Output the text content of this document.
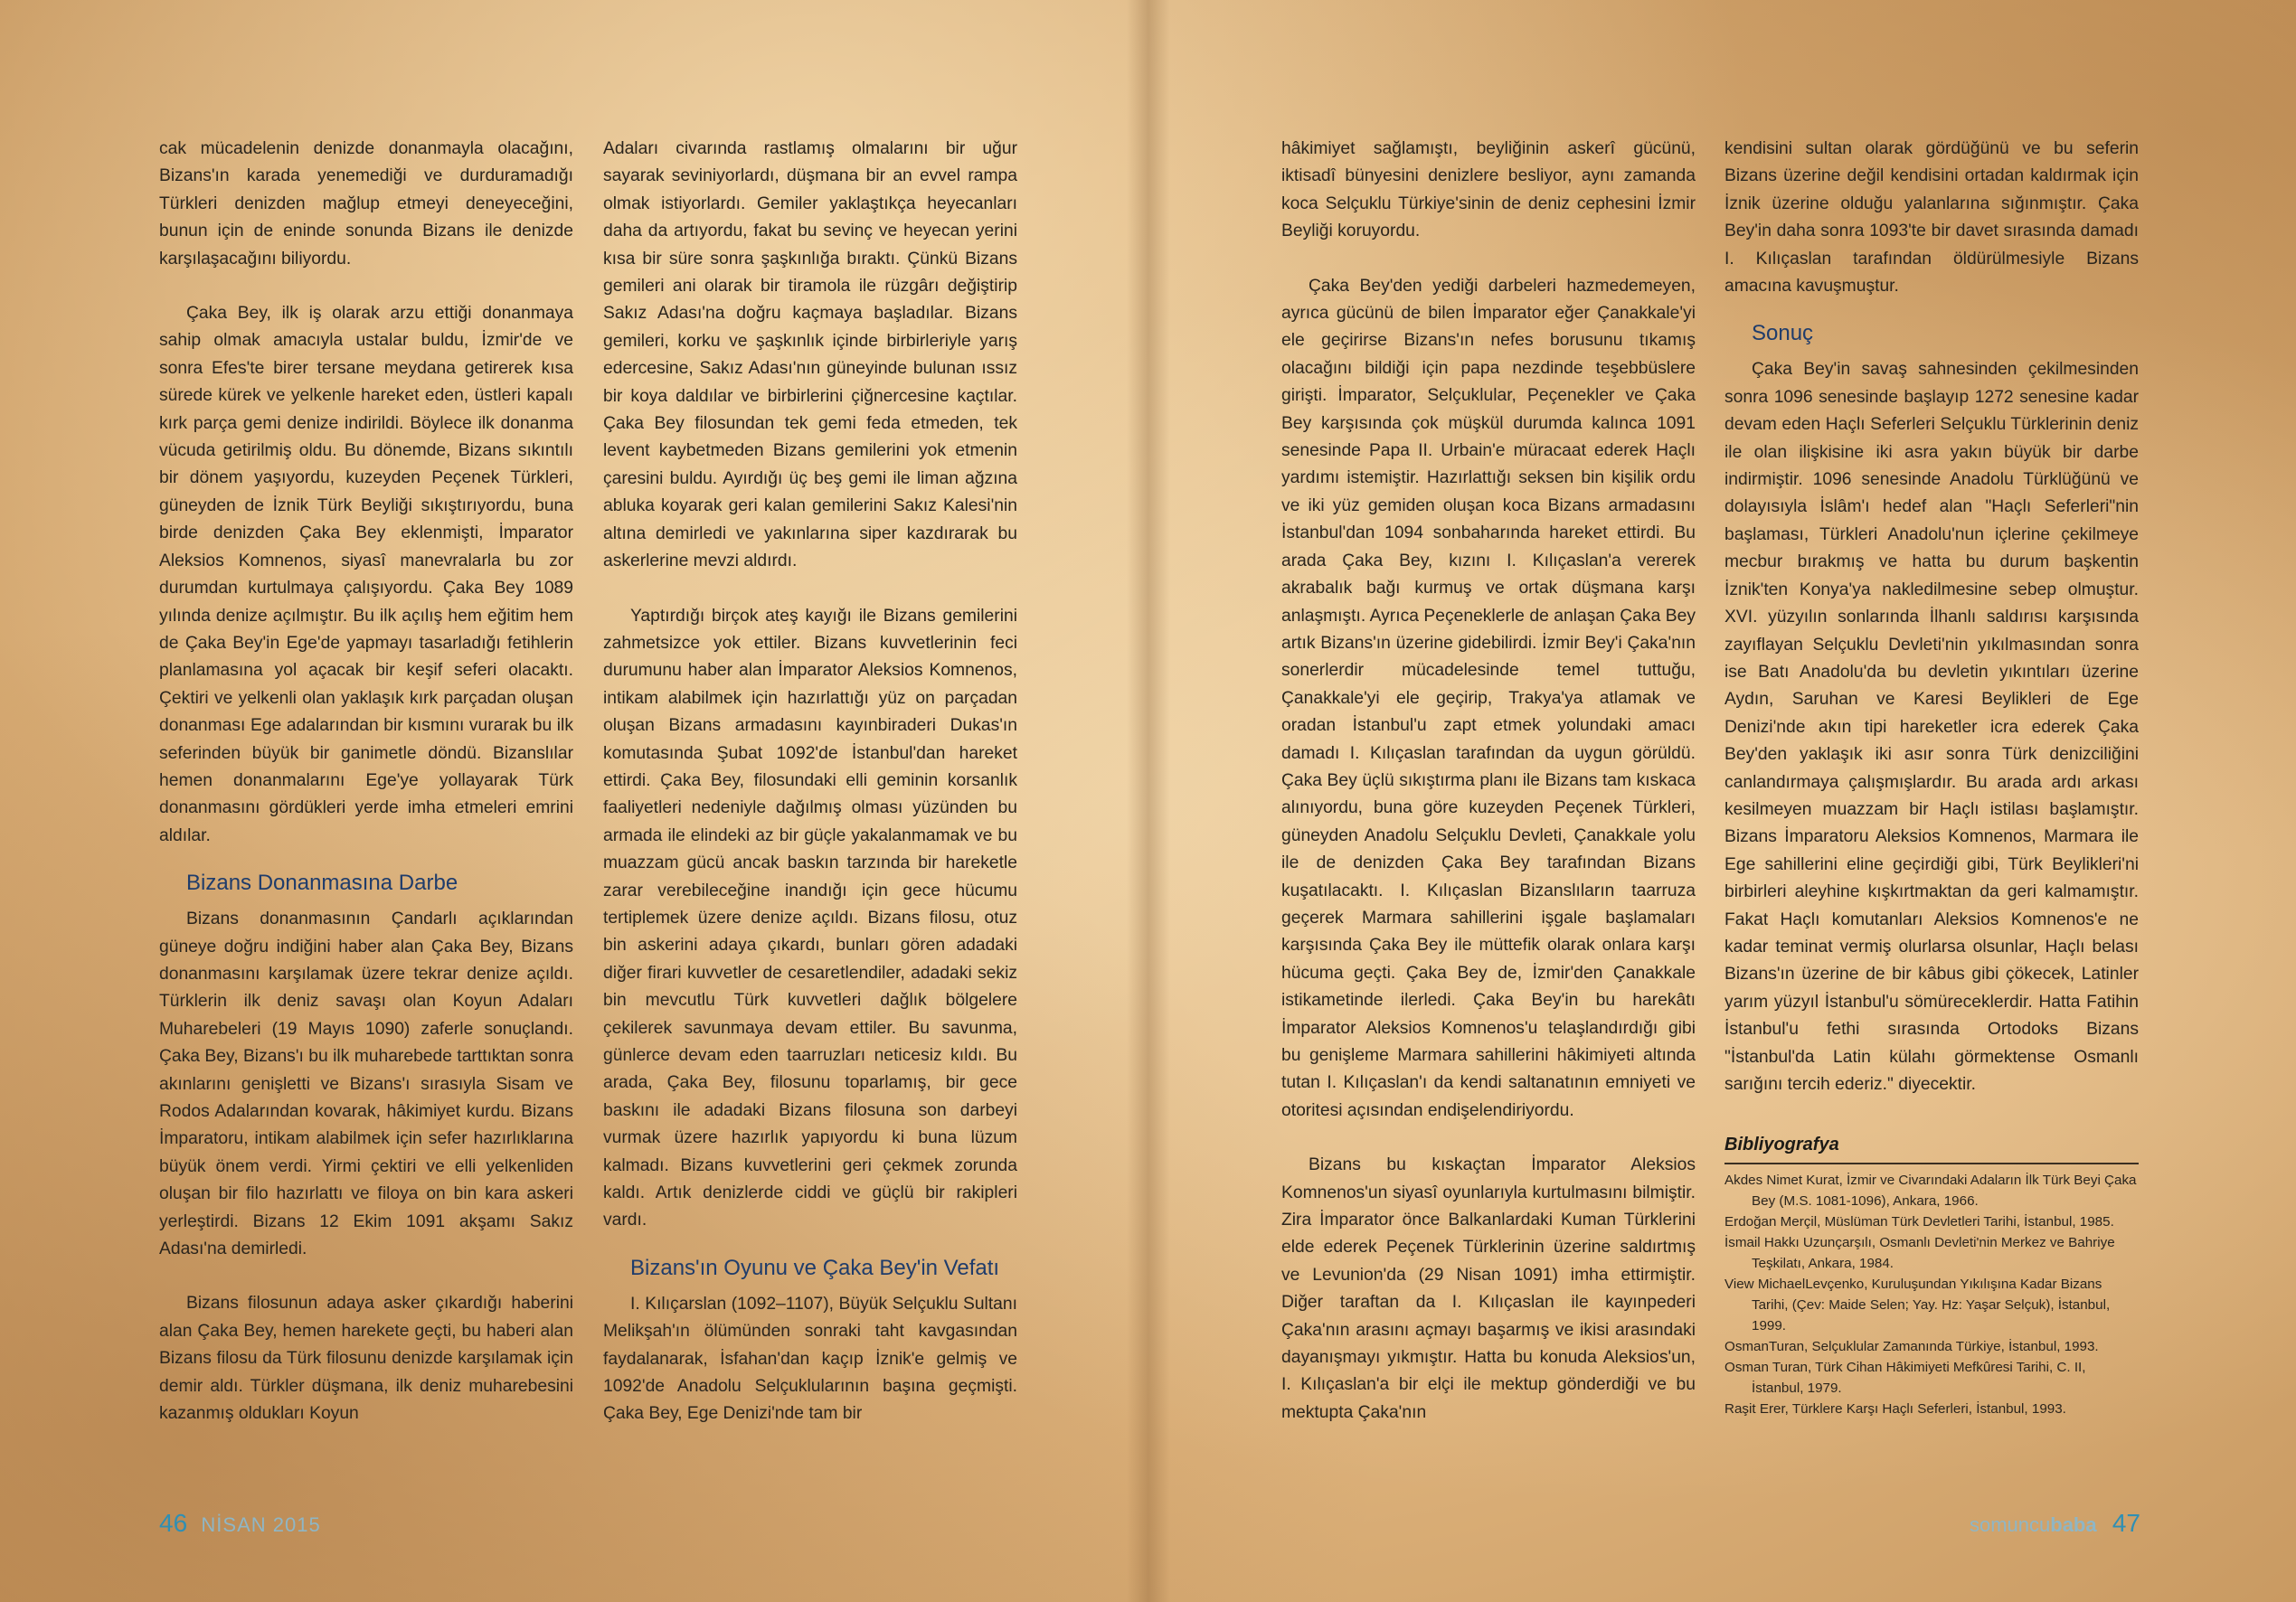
cak mücadelenin denizde donanmayla olacağını, Bizans'ın karada yenemediği ve durduramadığı Türkleri denizden mağlup etmeyi deneyeceğini, bunun için de eninde sonunda Bizans ile denizde karşılaşacağını biliyordu.

Çaka Bey, ilk iş olarak arzu ettiği donanmaya sahip olmak amacıyla ustalar buldu, İzmir'de ve sonra Efes'te birer tersane meydana getirerek kısa sürede kürek ve yelkenle hareket eden, üstleri kapalı kırk parça gemi denize indirildi. Böylece ilk donanma vücuda getirilmiş oldu. Bu dönemde, Bizans sıkıntılı bir dönem yaşıyordu, kuzeyden Peçenek Türkleri, güneyden de İznik Türk Beyliği sıkıştırıyordu, buna birde denizden Çaka Bey eklenmişti, İmparator Aleksios Komnenos, siyasî manevralarla bu zor durumdan kurtulmaya çalışıyordu. Çaka Bey 1089 yılında denize açılmıştır. Bu ilk açılış hem eğitim hem de Çaka Bey'in Ege'de yapmayı tasarladığı fetihlerin planlamasına yol açacak bir keşif seferi olacaktı. Çektiri ve yelkenli olan yaklaşık kırk parçadan oluşan donanması Ege adalarından bir kısmını vurarak bu ilk seferinden büyük bir ganimetle döndü. Bizanslılar hemen donanmalarını Ege'ye yollayarak Türk donanmasını gördükleri yerde imha etmeleri emrini aldılar.

Bizans Donanmasına Darbe

Bizans donanmasının Çandarlı açıklarından güneye doğru indiğini haber alan Çaka Bey, Bizans donanmasını karşılamak üzere tekrar denize açıldı. Türklerin ilk deniz savaşı olan Koyun Adaları Muharebeleri (19 Mayıs 1090) zaferle sonuçlandı. Çaka Bey, Bizans'ı bu ilk muharebede tarttıktan sonra akınlarını genişletti ve Bizans'ı sırasıyla Sisam ve Rodos Adalarından kovarak, hâkimiyet kurdu. Bizans İmparatoru, intikam alabilmek için sefer hazırlıklarına büyük önem verdi. Yirmi çektiri ve elli yelkenliden oluşan bir filo hazırlattı ve filoya on bin kara askeri yerleştirdi. Bizans 12 Ekim 1091 akşamı Sakız Adası'na demirledi.

Bizans filosunun adaya asker çıkardığı haberini alan Çaka Bey, hemen harekete geçti, bu haberi alan Bizans filosu da Türk filosunu denizde karşılamak için demir aldı. Türkler düşmana, ilk deniz muharebesini kazanmış oldukları Koyun

Adaları civarında rastlamış olmalarını bir uğur sayarak seviniyorlardı, düşmana bir an evvel rampa olmak istiyorlardı. Gemiler yaklaştıkça heyecanları daha da artıyordu, fakat bu sevinç ve heyecan yerini kısa bir süre sonra şaşkınlığa bıraktı. Çünkü Bizans gemileri ani olarak bir tiramola ile rüzgârı değiştirip Sakız Adası'na doğru kaçmaya başladılar. Bizans gemileri, korku ve şaşkınlık içinde birbirleriyle yarış edercesine, Sakız Adası'nın güneyinde bulunan ıssız bir koya daldılar ve birbirlerini çiğnercesine kaçtılar. Çaka Bey filosundan tek gemi feda etmeden, tek levent kaybetmeden Bizans gemilerini yok etmenin çaresini buldu. Ayırdığı üç beş gemi ile liman ağzına abluka koyarak geri kalan gemilerini Sakız Kalesi'nin altına demirledi ve yakınlarına siper kazdırarak bu askerlerine mevzi aldırdı.

Yaptırdığı birçok ateş kayığı ile Bizans gemilerini zahmetsizce yok ettiler. Bizans kuvvetlerinin feci durumunu haber alan İmparator Aleksios Komnenos, intikam alabilmek için hazırlattığı yüz on parçadan oluşan Bizans armadasını kayınbiraderi Dukas'ın komutasında Şubat 1092'de İstanbul'dan hareket ettirdi. Çaka Bey, filosundaki elli geminin korsanlık faaliyetleri nedeniyle dağılmış olması yüzünden bu armada ile elindeki az bir güçle yakalanmamak ve bu muazzam gücü ancak baskın tarzında bir hareketle zarar verebileceğine inandığı için gece hücumu tertiplemek üzere denize açıldı. Bizans filosu, otuz bin askerini adaya çıkardı, bunları gören adadaki diğer firari kuvvetler de cesaretlendiler, adadaki sekiz bin mevcutlu Türk kuvvetleri dağlık bölgelere çekilerek savunmaya devam ettiler. Bu savunma, günlerce devam eden taarruzları neticesiz kıldı. Bu arada, Çaka Bey, filosunu toparlamış, bir gece baskını ile adadaki Bizans filosuna son darbeyi vurmak üzere hazırlık yapıyordu ki buna lüzum kalmadı. Bizans kuvvetlerini geri çekmek zorunda kaldı. Artık denizlerde ciddi ve güçlü bir rakipleri vardı.

Bizans'ın Oyunu ve Çaka Bey'in Vefatı

I. Kılıçarslan (1092–1107), Büyük Selçuklu Sultanı Melikşah'ın ölümünden sonraki taht kavgasından faydalanarak, İsfahan'dan kaçıp İznik'e gelmiş ve 1092'de Anadolu Selçuklularının başına geçmişti. Çaka Bey, Ege Denizi'nde tam bir

hâkimiyet sağlamıştı, beyliğinin askerî gücünü, iktisadî bünyesini denizlere besliyor, aynı zamanda koca Selçuklu Türkiye'sinin de deniz cephesini İzmir Beyliği koruyordu.

Çaka Bey'den yediği darbeleri hazmedemeyen, ayrıca gücünü de bilen İmparator eğer Çanakkale'yi ele geçirirse Bizans'ın nefes borusunu tıkamış olacağını bildiği için papa nezdinde teşebbüslere girişti. İmparator, Selçuklular, Peçenekler ve Çaka Bey karşısında çok müşkül durumda kalınca 1091 senesinde Papa II. Urbain'e müracaat ederek Haçlı yardımı istemiştir. Hazırlattığı seksen bin kişilik ordu ve iki yüz gemiden oluşan koca Bizans armadasını İstanbul'dan 1094 sonbaharında hareket ettirdi. Bu arada Çaka Bey, kızını I. Kılıçaslan'a vererek akrabalık bağı kurmuş ve ortak düşmana karşı anlaşmıştı. Ayrıca Peçeneklerle de anlaşan Çaka Bey artık Bizans'ın üzerine gidebilirdi. İzmir Bey'i Çaka'nın sonerlerdir mücadelesinde temel tuttuğu, Çanakkale'yi ele geçirip, Trakya'ya atlamak ve oradan İstanbul'u zapt etmek yolundaki amacı damadı I. Kılıçaslan tarafından da uygun görüldü. Çaka Bey üçlü sıkıştırma planı ile Bizans tam kıskaca alınıyordu, buna göre kuzeyden Peçenek Türkleri, güneyden Anadolu Selçuklu Devleti, Çanakkale yolu ile de denizden Çaka Bey tarafından Bizans kuşatılacaktı. I. Kılıçaslan Bizanslıların taarruza geçerek Marmara sahillerini işgale başlamaları karşısında Çaka Bey ile müttefik olarak onlara karşı hücuma geçti. Çaka Bey de, İzmir'den Çanakkale istikametinde ilerledi. Çaka Bey'in bu harekâtı İmparator Aleksios Komnenos'u telaşlandırdığı gibi bu genişleme Marmara sahillerini hâkimiyeti altında tutan I. Kılıçaslan'ı da kendi saltanatının emniyeti ve otoritesi açısından endişelendiriyordu.

Bizans bu kıskaçtan İmparator Aleksios Komnenos'un siyasî oyunlarıyla kurtulmasını bilmiştir. Zira İmparator önce Balkanlardaki Kuman Türklerini elde ederek Peçenek Türklerinin üzerine saldırtmış ve Levunion'da (29 Nisan 1091) imha ettirmiştir. Diğer taraftan da I. Kılıçaslan ile kayınpederi Çaka'nın arasını açmayı başarmış ve ikisi arasındaki dayanışmayı yıkmıştır. Hatta bu konuda Aleksios'un, I. Kılıçaslan'a bir elçi ile mektup gönderdiği ve bu mektupta Çaka'nın

kendisini sultan olarak gördüğünü ve bu seferin Bizans üzerine değil kendisini ortadan kaldırmak için İznik üzerine olduğu yalanlarına sığınmıştır. Çaka Bey'in daha sonra 1093'te bir davet sırasında damadı I. Kılıçaslan tarafından öldürülmesiyle Bizans amacına kavuşmuştur.

Sonuç

Çaka Bey'in savaş sahnesinden çekilmesinden sonra 1096 senesinde başlayıp 1272 senesine kadar devam eden Haçlı Seferleri Selçuklu Türklerinin deniz ile olan ilişkisine iki asra yakın büyük bir darbe indirmiştir. 1096 senesinde Anadolu Türklüğünü ve dolayısıyla İslâm'ı hedef alan "Haçlı Seferleri"nin başlaması, Türkleri Anadolu'nun içlerine çekilmeye mecbur bırakmış ve hatta bu durum başkentin İznik'ten Konya'ya nakledilmesine sebep olmuştur. XVI. yüzyılın sonlarında İlhanlı saldırısı karşısında zayıflayan Selçuklu Devleti'nin yıkılmasından sonra ise Batı Anadolu'da bu devletin yıkıntıları üzerine Aydın, Saruhan ve Karesi Beylikleri de Ege Denizi'nde akın tipi hareketler icra ederek Çaka Bey'den yaklaşık iki asır sonra Türk denizciliğini canlandırmaya çalışmışlardır. Bu arada ardı arkası kesilmeyen muazzam bir Haçlı istilası başlamıştır. Bizans İmparatoru Aleksios Komnenos, Marmara ile Ege sahillerini eline geçirdiği gibi, Türk Beylikleri'ni birbirleri aleyhine kışkırtmaktan da geri kalmamıştır. Fakat Haçlı komutanları Aleksios Komnenos'e ne kadar teminat vermiş olurlarsa olsunlar, Haçlı belası Bizans'ın üzerine de bir kâbus gibi çökecek, Latinler yarım yüzyıl İstanbul'u sömüreceklerdir. Hatta Fatihin İstanbul'u fethi sırasında Ortodoks Bizans "İstanbul'da Latin külahı görmektense Osmanlı sarığını tercih ederiz." diyecektir.

Bibliyografya
Akdes Nimet Kurat, İzmir ve Civarındaki Adaların İlk Türk Beyi Çaka Bey (M.S. 1081-1096), Ankara, 1966.
Erdoğan Merçil, Müslüman Türk Devletleri Tarihi, İstanbul, 1985.
İsmail Hakkı Uzunçarşılı, Osmanlı Devleti'nin Merkez ve Bahriye Teşkilatı, Ankara, 1984.
View MichaelLevçenko, Kuruluşundan Yıkılışına Kadar Bizans Tarihi, (Çev: Maide Selen; Yay. Hz: Yaşar Selçuk), İstanbul, 1999.
OsmanTuran, Selçuklular Zamanında Türkiye, İstanbul, 1993.
Osman Turan, Türk Cihan Hâkimiyeti Mefkûresi Tarihi, C. II, İstanbul, 1979.
Raşit Erer, Türklere Karşı Haçlı Seferleri, İstanbul, 1993.
46 NİSAN 2015	somuncubaba 47
